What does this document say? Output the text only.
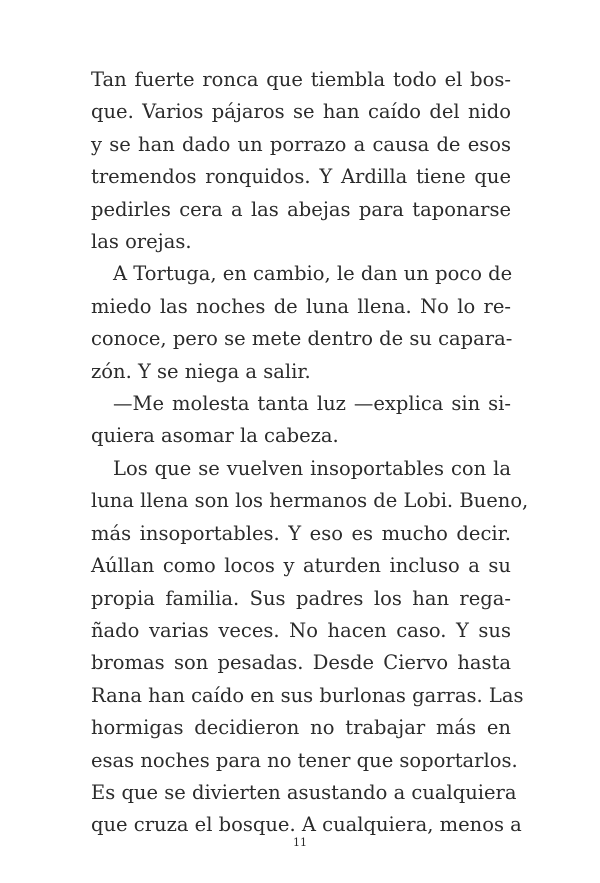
Tan fuerte ronca que tiembla todo el bos-
que. Varios pájaros se han caído del nido
y se han dado un porrazo a causa de esos
tremendos ronquidos. Y Ardilla tiene que
pedirles cera a las abejas para taponarse
las orejas.
A Tortuga, en cambio, le dan un poco de
miedo las noches de luna llena. No lo re-
conoce, pero se mete dentro de su capara-
zón. Y se niega a salir.
—Me molesta tanta luz —explica sin si-
quiera asomar la cabeza.
Los que se vuelven insoportables con la
luna llena son los hermanos de Lobi. Bueno,
más insoportables. Y eso es mucho decir.
Aúllan como locos y aturden incluso a su
propia familia. Sus padres los han rega-
ñado varias veces. No hacen caso. Y sus
bromas son pesadas. Desde Ciervo hasta
Rana han caído en sus burlonas garras. Las
hormigas decidieron no trabajar más en
esas noches para no tener que soportarlos.
Es que se divierten asustando a cualquiera
que cruza el bosque. A cualquiera, menos a
11
